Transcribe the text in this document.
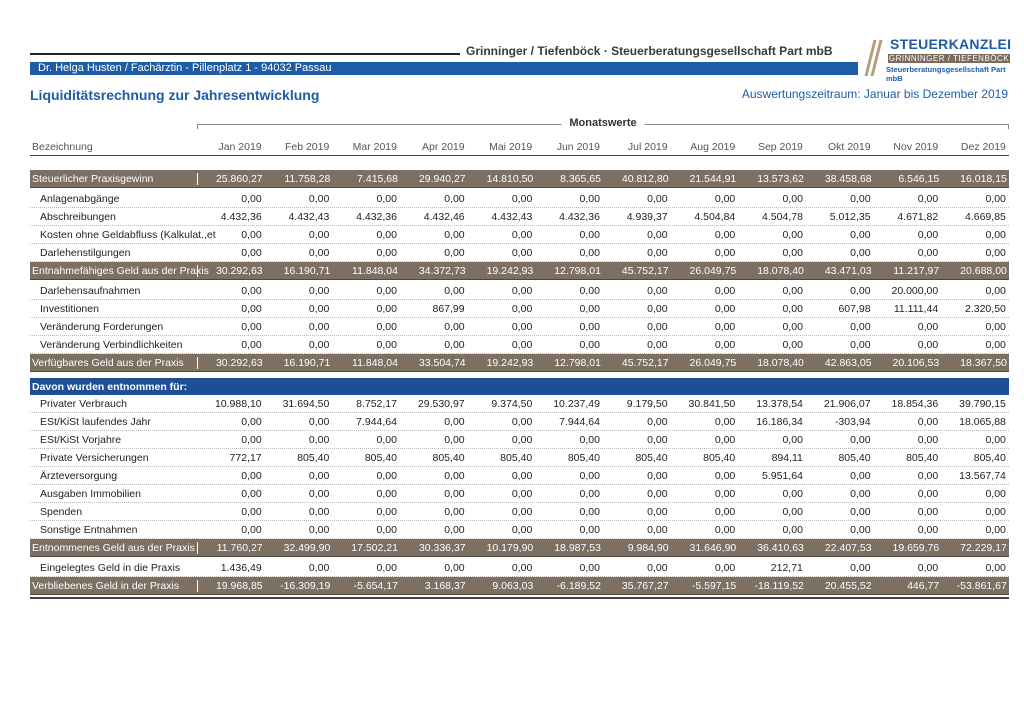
Grinninger / Tiefenböck · Steuerberatungsgesellschaft Part mbB
Dr. Helga Husten / Fachärztin - Pillenplatz 1 - 94032 Passau
STEUERKANZLEI
GRINNINGER / TIEFENBÖCK
Steuerberatungsgesellschaft Part mbB
Liquiditätsrechnung zur Jahresentwicklung	Auswertungszeitraum: Januar bis Dezember 2019
Monatswerte
Bezeichnung	Jan 2019	Feb 2019	Mar 2019	Apr 2019	Mai 2019	Jun 2019	Jul 2019	Aug 2019	Sep 2019	Okt 2019	Nov 2019	Dez 2019
Steuerlicher Praxisgewinn	25.860,27	11.758,28	7.415,68	29.940,27	14.810,50	8.365,65	40.812,80	21.544,91	13.573,62	38.458,68	6.546,15	16.018,15
Anlagenabgänge	0,00	0,00	0,00	0,00	0,00	0,00	0,00	0,00	0,00	0,00	0,00	0,00
Abschreibungen	4.432,36	4.432,43	4.432,36	4.432,46	4.432,43	4.432,36	4.939,37	4.504,84	4.504,78	5.012,35	4.671,82	4.669,85
Kosten ohne Geldabfluss (Kalkulat.,et	0,00	0,00	0,00	0,00	0,00	0,00	0,00	0,00	0,00	0,00	0,00	0,00
Darlehenstilgungen	0,00	0,00	0,00	0,00	0,00	0,00	0,00	0,00	0,00	0,00	0,00	0,00
Entnahmefähiges Geld aus der Praxis 30.292,63	16.190,71	11.848,04	34.372,73	19.242,93	12.798,01	45.752,17	26.049,75	18.078,40	43.471,03	11.217,97	20.688,00
Darlehensaufnahmen	0,00	0,00	0,00	0,00	0,00	0,00	0,00	0,00	0,00	0,00	20.000,00	0,00
Investitionen	0,00	0,00	0,00	867,99	0,00	0,00	0,00	0,00	0,00	607,98	11.111,44	2.320,50
Veränderung Forderungen	0,00	0,00	0,00	0,00	0,00	0,00	0,00	0,00	0,00	0,00	0,00	0,00
Veränderung Verbindlichkeiten	0,00	0,00	0,00	0,00	0,00	0,00	0,00	0,00	0,00	0,00	0,00	0,00
Verfügbares Geld aus der Praxis	30.292,63	16.190,71	11.848,04	33.504,74	19.242,93	12.798,01	45.752,17	26.049,75	18.078,40	42.863,05	20.106,53	18.367,50
Davon wurden entnommen für:
Privater Verbrauch	10.988,10	31.694,50	8.752,17	29.530,97	9.374,50	10.237,49	9.179,50	30.841,50	13.378,54	21.906,07	18.854,36	39.790,15
ESt/KiSt laufendes Jahr	0,00	0,00	7.944,64	0,00	0,00	7.944,64	0,00	0,00	16.186,34	-303,94	0,00	18.065,88
ESt/KiSt Vorjahre	0,00	0,00	0,00	0,00	0,00	0,00	0,00	0,00	0,00	0,00	0,00	0,00
Private Versicherungen	772,17	805,40	805,40	805,40	805,40	805,40	805,40	805,40	894,11	805,40	805,40	805,40
Ärzteversorgung	0,00	0,00	0,00	0,00	0,00	0,00	0,00	0,00	5.951,64	0,00	0,00	13.567,74
Ausgaben Immobilien	0,00	0,00	0,00	0,00	0,00	0,00	0,00	0,00	0,00	0,00	0,00	0,00
Spenden	0,00	0,00	0,00	0,00	0,00	0,00	0,00	0,00	0,00	0,00	0,00	0,00
Sonstige Entnahmen	0,00	0,00	0,00	0,00	0,00	0,00	0,00	0,00	0,00	0,00	0,00	0,00
Entnommenes Geld aus der Praxis	11.760,27	32.499,90	17.502,21	30.336,37	10.179,90	18.987,53	9.984,90	31.646,90	36.410,63	22.407,53	19.659,76	72.229,17
Eingelegtes Geld in die Praxis	1.436,49	0,00	0,00	0,00	0,00	0,00	0,00	0,00	212,71	0,00	0,00	0,00
Verbliebenes Geld in der Praxis	19.968,85	-16.309,19	-5.654,17	3.168,37	9.063,03	-6.189,52	35.767,27	-5.597,15	-18.119,52	20.455,52	446,77	-53.861,67
